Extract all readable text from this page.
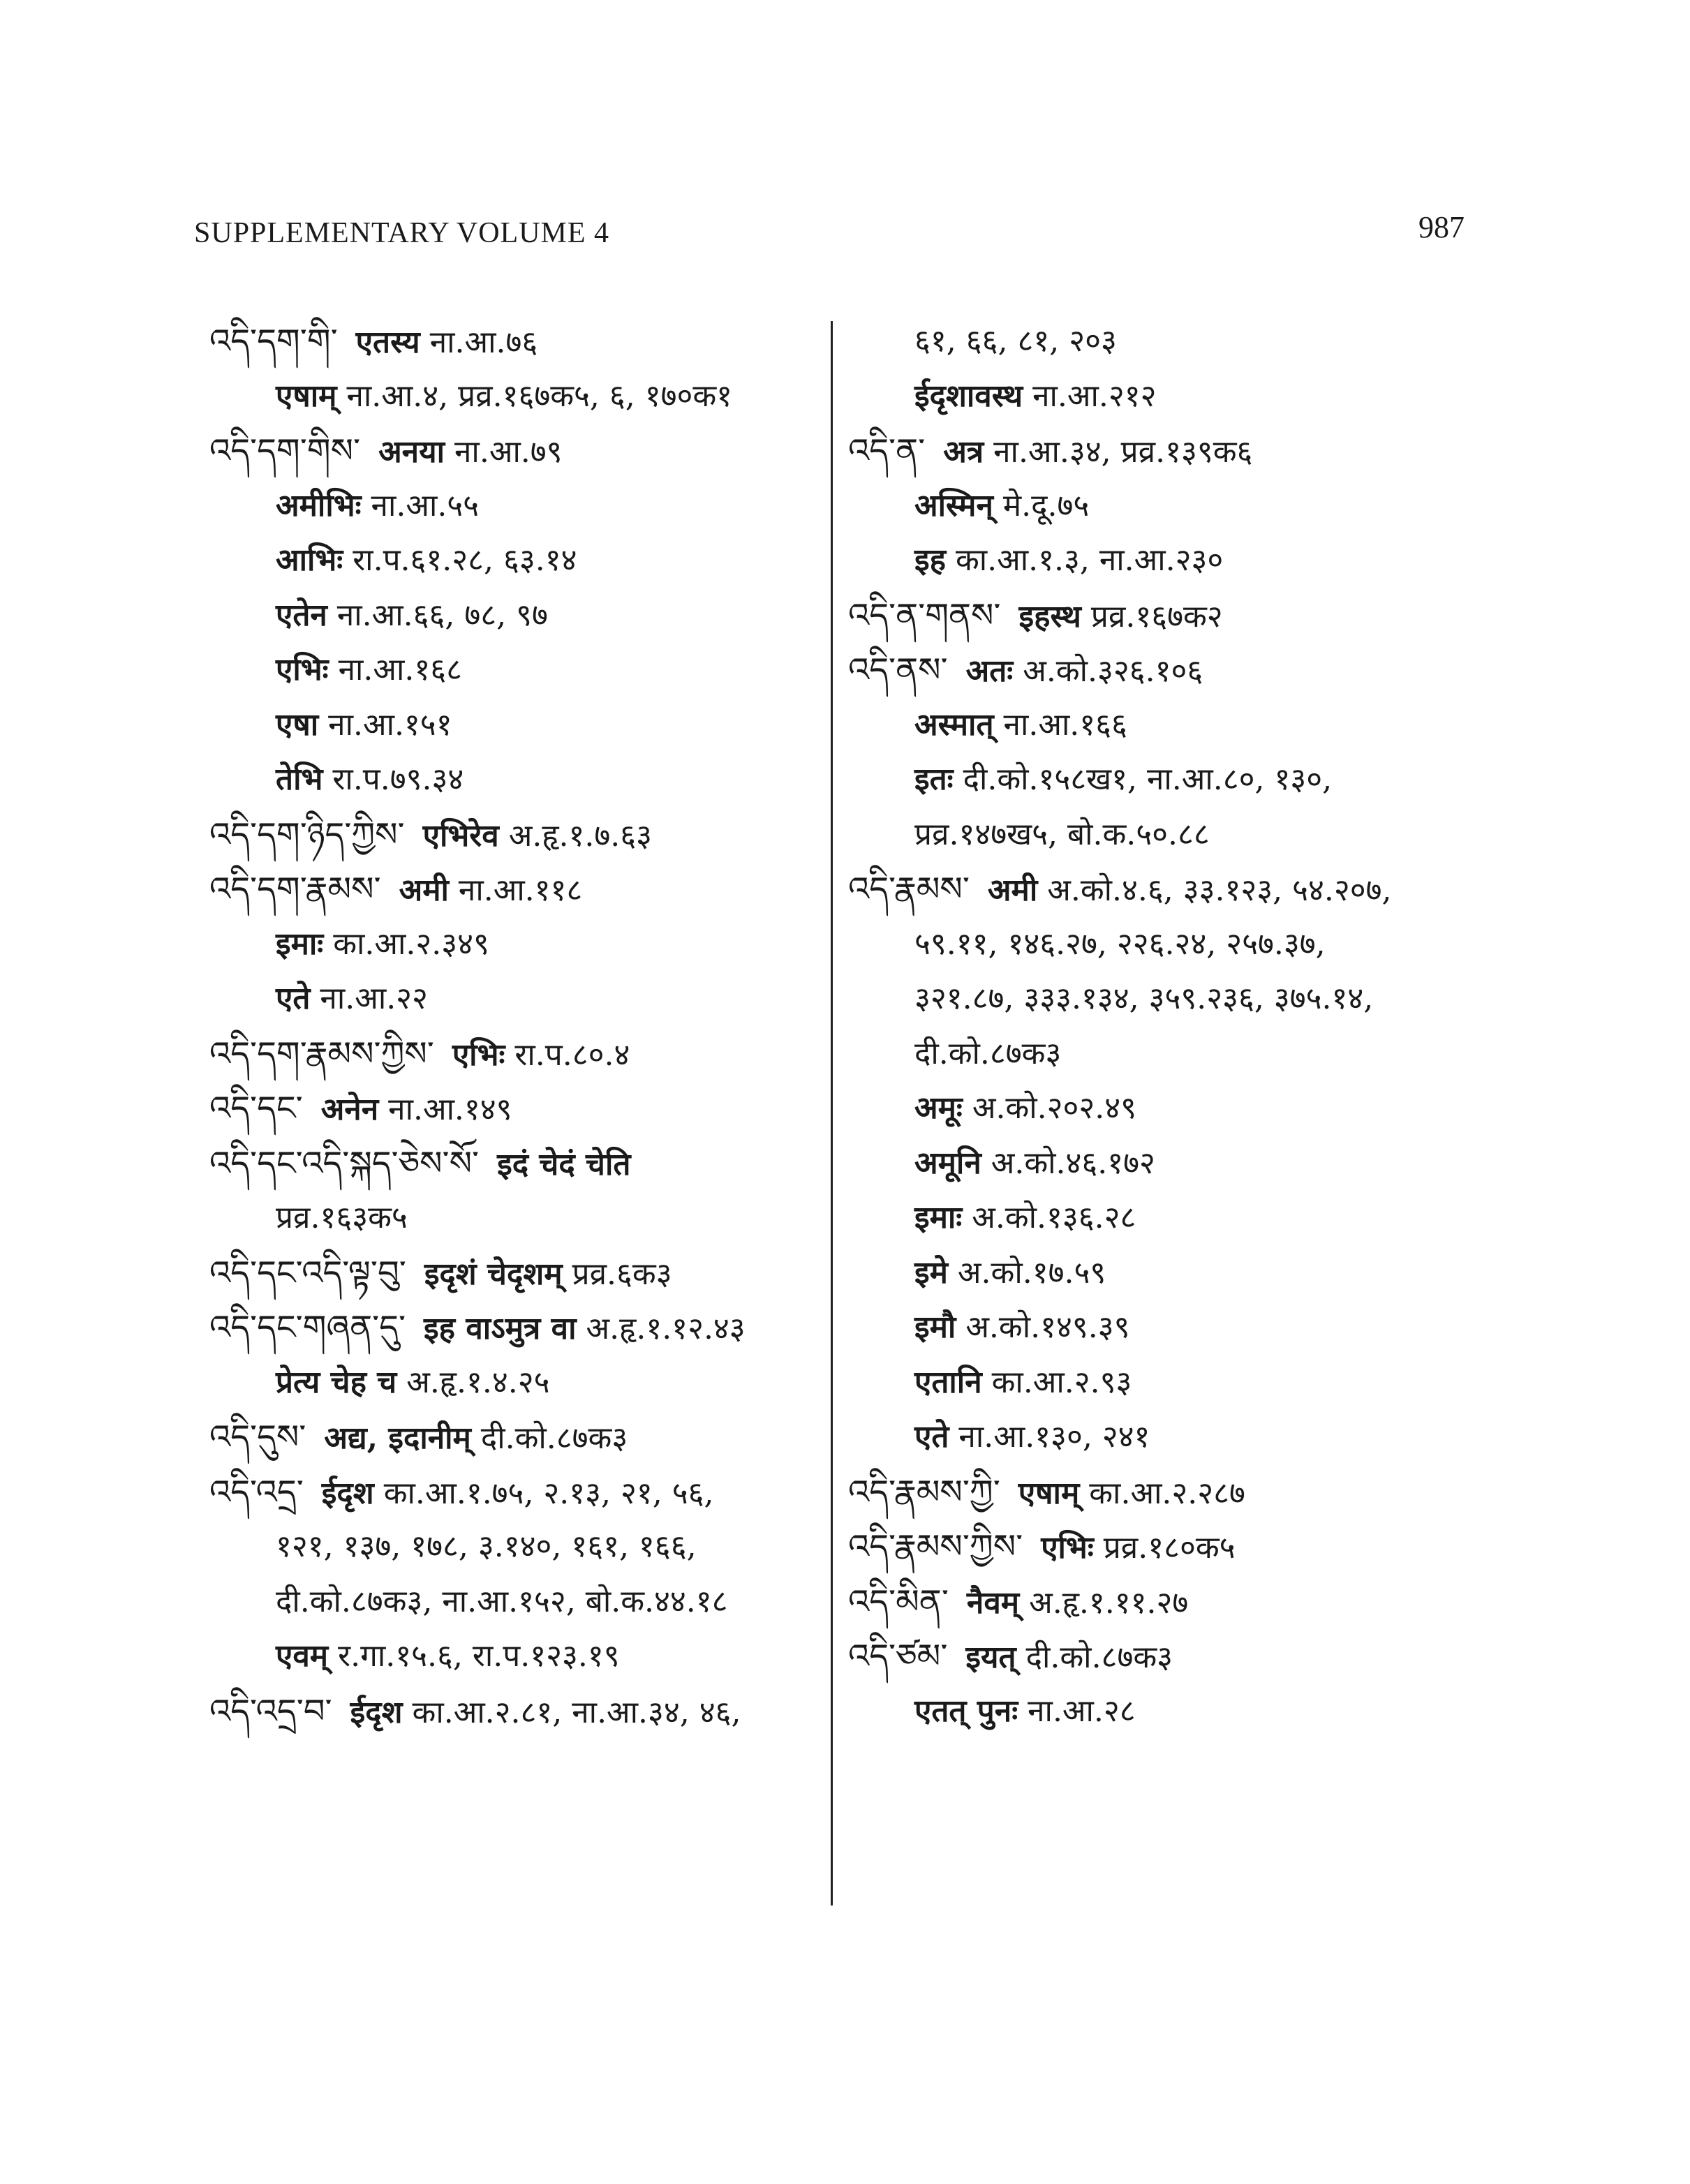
SUPPLEMENTARY VOLUME 4	987
འདི་དག་གི་ एतस्य ना.आ.७६
एषाम् ना.आ.४, प्रव्र.१६७क५, ६, १७०क१
འདི་དག་གིས་ अनया ना.आ.७९
अमीभिः ना.आ.५५
आभिः रा.प.६१.२८, ६३.१४
एतेन ना.आ.६६, ७८, ९७
एभिः ना.आ.१६८
एषा ना.आ.१५१
तेभि रा.प.७९.३४
འདི་དག་ཉིད་ཀྱིས་ एभिरेव अ.हृ.१.७.६३
འདི་དག་རྣམས་ अमी ना.आ.११८
इमाः का.आ.२.३४९
एते ना.आ.२२
འདི་དག་རྣམས་ཀྱིས་ एभिः रा.प.८०.४
འདི་དང་ अनेन ना.आ.१४९
འདི་དང་འདི་སྐད་ཅེས་སོ་ इदं चेदं चेति
प्रव्र.१६३क५
འདི་དང་འདི་ལྟ་བུ་ इदृशं चेदृशम् प्रव्र.६क३
འདི་དང་གཞན་དུ་ इह वाऽमुत्र वा अ.हृ.१.१२.४३
प्रेत्य चेह च अ.हृ.१.४.२५
འདི་དུས་ अद्य, इदानीम् दी.को.८७क३
འདི་འདྲ་ ईदृश का.आ.१.७५, २.१३, २१, ५६,
१२१, १३७, १७८, ३.१४०, १६१, १६६,
दी.को.८७क३, ना.आ.१५२, बो.क.४४.१८
एवम् र.गा.१५.६, रा.प.१२३.१९
འདི་འདྲ་བ་ ईदृश का.आ.२.८१, ना.आ.३४, ४६,
६१, ६६, ८१, २०३
ईदृशावस्थ ना.आ.२१२
འདི་ན་ अत्र ना.आ.३४, प्रव्र.१३९क६
अस्मिन् मे.दू.७५
इह का.आ.१.३, ना.आ.२३०
འདི་ན་གནས་ इहस्थ प्रव्र.१६७क२
འདི་ནས་ अतः अ.को.३२६.१०६
अस्मात् ना.आ.१६६
इतः दी.को.१५८ख१, ना.आ.८०, १३०,
प्रव्र.१४७ख५, बो.क.५०.८८
འདི་རྣམས་ अमी अ.को.४.६, ३३.१२३, ५४.२०७,
५९.११, १४६.२७, २२६.२४, २५७.३७,
३२१.८७, ३३३.१३४, ३५९.२३६, ३७५.१४,
दी.को.८७क३
अमूः अ.को.२०२.४९
अमूनि अ.को.४६.१७२
इमाः अ.को.१३६.२८
इमे अ.को.१७.५९
इमौ अ.को.१४९.३९
एतानि का.आ.२.९३
एते ना.आ.१३०, २४१
འདི་རྣམས་ཀྱི་ एषाम् का.आ.२.२८७
འདི་རྣམས་ཀྱིས་ एभिः प्रव्र.१८०क५
འདི་མིན་ नैवम् अ.हृ.१.११.२७
འདི་ཙམ་ इयत् दी.को.८७क३
एतत् पुनः ना.आ.२८
